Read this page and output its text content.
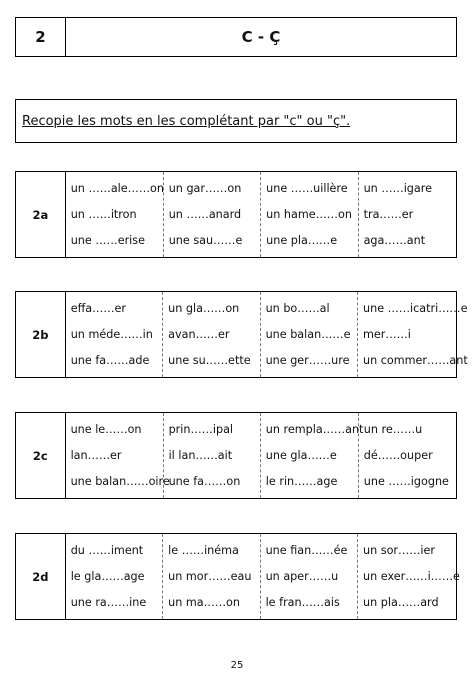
2	C - Ç
Recopie les mots en les complétant par "c" ou "ç".
2a
un ……ale……on
un ……itron
une ……erise
un gar……on
un ……anard
une sau……e
une ……uillère
un hame……on
une pla……e
un ……igare
tra……er
aga……ant
2b
effa……er
un méde……in
une fa……ade
un gla……on
avan……er
une su……ette
un bo……al
une balan……e
une ger……ure
une ……icatri……e
mer……i
un commer……ant
2c
une le……on
lan……er
une balan……oire
prin……ipal
il lan……ait
une fa……on
un rempla……ant
une gla……e
le rin……age
un re……u
dé……ouper
une ……igogne
2d
du ……iment
le gla……age
une ra……ine
le ……inéma
un mor……eau
un ma……on
une fian……ée
un aper……u
le fran……ais
un sor……ier
un exer……i……e
un pla……ard
25
